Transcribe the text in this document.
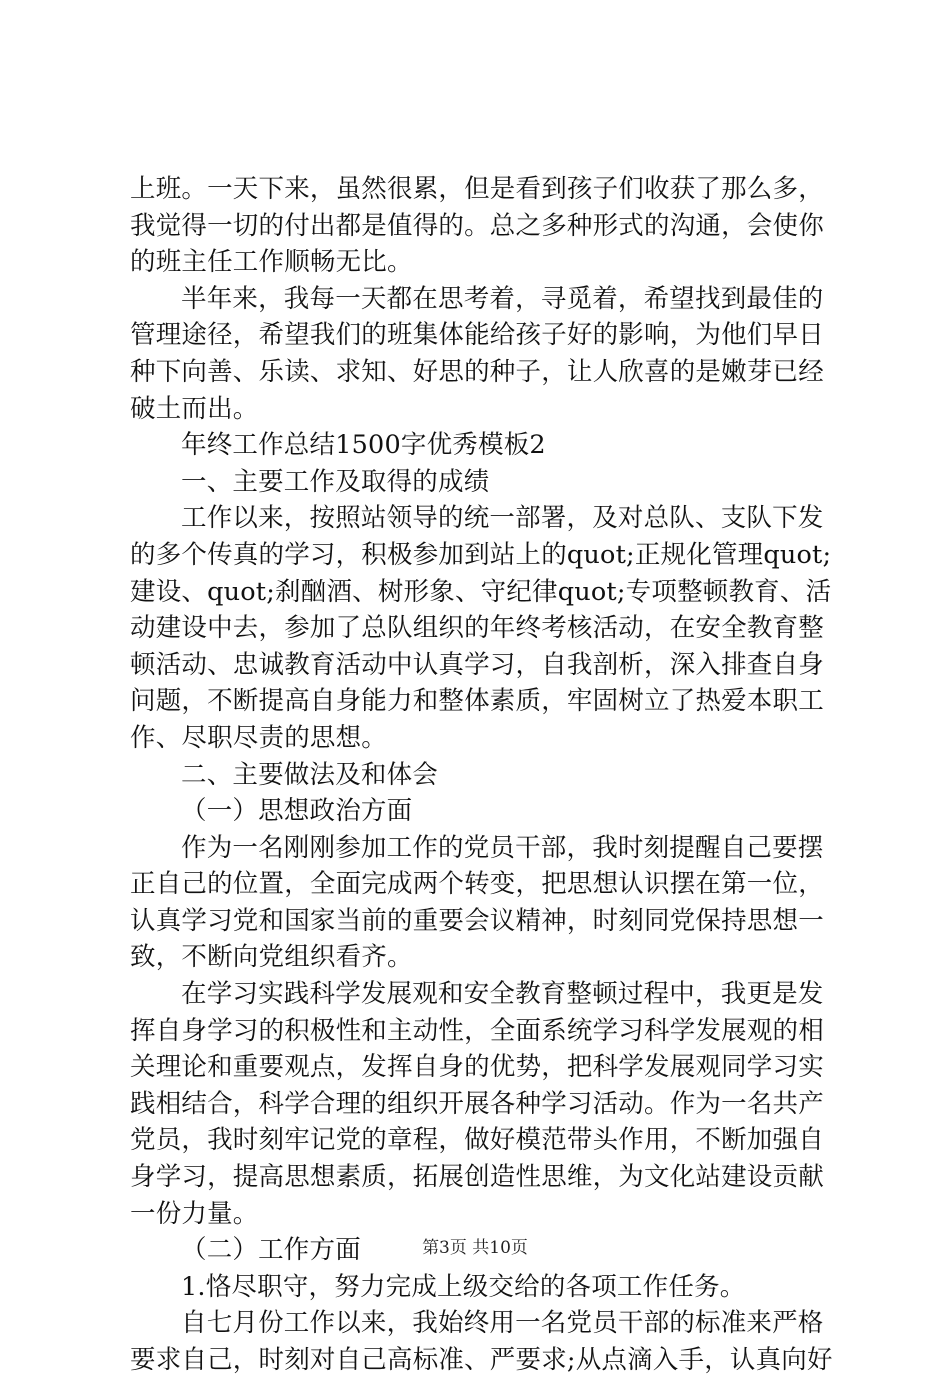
上班。一天下来，虽然很累，但是看到孩子们收获了那么多，
我觉得一切的付出都是值得的。总之多种形式的沟通，会使你
的班主任工作顺畅无比。
半年来，我每一天都在思考着，寻觅着，希望找到最佳的
管理途径，希望我们的班集体能给孩子好的影响，为他们早日
种下向善、乐读、求知、好思的种子，让人欣喜的是嫩芽已经
破土而出。
年终工作总结1500字优秀模板2
一、主要工作及取得的成绩
工作以来，按照站领导的统一部署，及对总队、支队下发
的多个传真的学习，积极参加到站上的quot;正规化管理quot;
建设、quot;刹酗酒、树形象、守纪律quot;专项整顿教育、活
动建设中去，参加了总队组织的年终考核活动，在安全教育整
顿活动、忠诚教育活动中认真学习，自我剖析，深入排查自身
问题，不断提高自身能力和整体素质，牢固树立了热爱本职工
作、尽职尽责的思想。
二、主要做法及和体会
（一）思想政治方面
作为一名刚刚参加工作的党员干部，我时刻提醒自己要摆
正自己的位置，全面完成两个转变，把思想认识摆在第一位，
认真学习党和国家当前的重要会议精神，时刻同党保持思想一
致，不断向党组织看齐。
在学习实践科学发展观和安全教育整顿过程中，我更是发
挥自身学习的积极性和主动性，全面系统学习科学发展观的相
关理论和重要观点，发挥自身的优势，把科学发展观同学习实
践相结合，科学合理的组织开展各种学习活动。作为一名共产
党员，我时刻牢记党的章程，做好模范带头作用，不断加强自
身学习，提高思想素质，拓展创造性思维，为文化站建设贡献
一份力量。
（二）工作方面
1.恪尽职守，努力完成上级交给的各项工作任务。
自七月份工作以来，我始终用一名党员干部的标准来严格
要求自己，时刻对自己高标准、严要求;从点滴入手，认真向好
第3页 共10页
